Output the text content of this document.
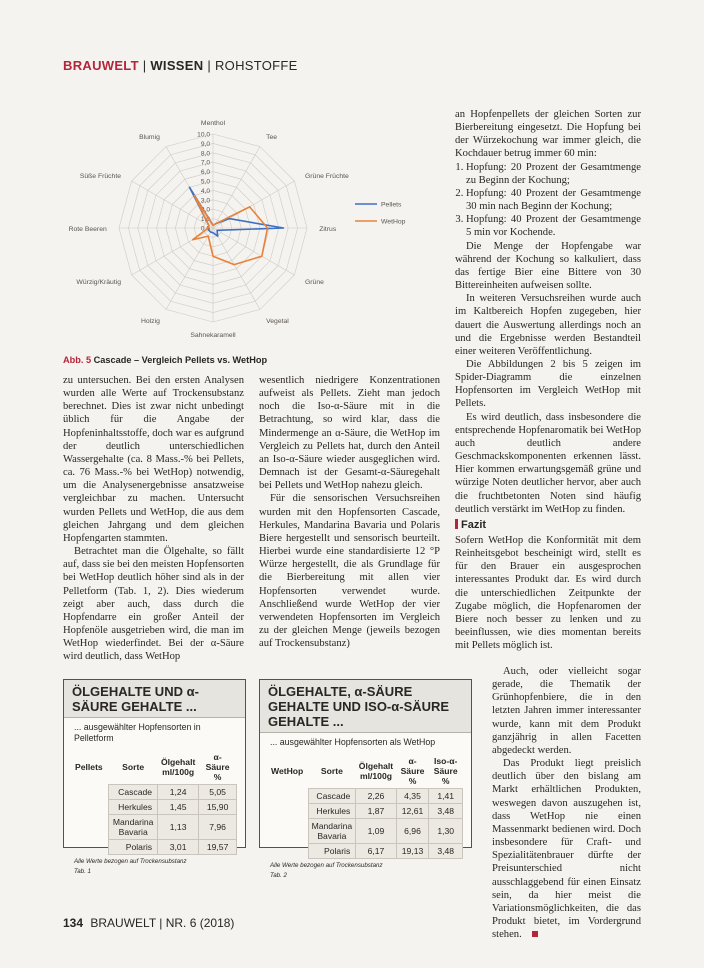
BRAUWELT | WISSEN | ROHSTOFFE
0,0
1,0
2,0
3,0
4,0
5,0
6,0
7,0
8,0
9,0
10,0
Menthol
Tee
Grüne Früchte
Zitrus
Grüne
Vegetal
Sahnekaramell
Holzig
Würzig/Kräutig
Rote Beeren
Süße Früchte
Blumig
Pellets
WetHop
Abb. 5 Cascade – Vergleich Pellets vs. WetHop

zu untersuchen. Bei den ersten Analysen wurden alle Werte auf Trockensubstanz berechnet. Dies ist zwar nicht unbedingt üblich für die Angabe der Hopfeninhaltsstoffe, doch war es aufgrund der deutlich unterschiedlichen Wassergehalte (ca. 8 Mass.-% bei Pellets, ca. 76 Mass.-% bei WetHop) notwendig, um die Analysenergebnisse ansatzweise vergleichbar zu machen. Untersucht wurden Pellets und WetHop, die aus dem gleichen Jahrgang und dem gleichen Hopfengarten stammten.

Betrachtet man die Ölgehalte, so fällt auf, dass sie bei den meisten Hopfensorten bei WetHop deutlich höher sind als in der Pelletform (Tab. 1, 2). Dies wiederum zeigt aber auch, dass durch die Hopfendarre ein großer Anteil der Hopfenöle ausgetrieben wird, die man im WetHop wiederfindet. Bei der α-Säure wird deutlich, dass WetHop

wesentlich niedrigere Konzentrationen aufweist als Pellets. Zieht man jedoch noch die Iso-α-Säure mit in die Betrachtung, so wird klar, dass die Mindermenge an α-Säure, die WetHop im Vergleich zu Pellets hat, durch den Anteil an Iso-α-Säure wieder ausgeglichen wird. Demnach ist der Gesamt-α-Säuregehalt bei Pellets und WetHop nahezu gleich.

Für die sensorischen Versuchsreihen wurden mit den Hopfensorten Cascade, Herkules, Mandarina Bavaria und Polaris Biere hergestellt und sensorisch beurteilt. Hierbei wurde eine standardisierte 12 °P Würze hergestellt, die als Grundlage für die Bierbereitung mit allen vier Hopfensorten verwendet wurde. Anschließend wurde WetHop der vier verwendeten Hopfensorten im Vergleich zu der gleichen Menge (jeweils bezogen auf Trockensubstanz)

an Hopfenpellets der gleichen Sorten zur Bierbereitung eingesetzt. Die Hopfung bei der Würzekochung war immer gleich, die Kochdauer betrug immer 60 min:

1. Hopfung: 20 Prozent der Gesamtmenge zu Beginn der Kochung;
2. Hopfung: 40 Prozent der Gesamtmenge 30 min nach Beginn der Kochung;
3. Hopfung: 40 Prozent der Gesamtmenge 5 min vor Kochende.

Die Menge der Hopfengabe war während der Kochung so kalkuliert, dass das fertige Bier eine Bittere von 30 Bittereinheiten aufweisen sollte.

In weiteren Versuchsreihen wurde auch im Kaltbereich Hopfen zugegeben, hier dauert die Auswertung allerdings noch an und die Ergebnisse werden Bestandteil einer weiteren Veröffentlichung.

Die Abbildungen 2 bis 5 zeigen im Spider-Diagramm die einzelnen Hopfensorten im Vergleich WetHop mit Pellets.

Es wird deutlich, dass insbesondere die entsprechende Hopfenaromatik bei WetHop auch deutlich andere Geschmackskomponenten erkennen lässt. Hier kommen erwartungsgemäß grüne und würzige Noten deutlicher hervor, aber auch die fruchtbetonten Noten sind häufig deutlich verstärkt im WetHop zu finden.

Fazit

Sofern WetHop die Konformität mit dem Reinheitsgebot bescheinigt wird, stellt es für den Brauer ein ausgesprochen interessantes Produkt dar. Es wird durch die unterschiedlichen Zeitpunkte der Zugabe möglich, die Hopfenaromen der Biere noch besser zu lenken und zu beeinflussen, wie dies momentan bereits mit Pellets möglich ist.

Auch, oder vielleicht sogar gerade, die Thematik der Grünhopfenbiere, die in den letzten Jahren immer interessanter wurde, kann mit dem Produkt ganzjährig in allen Facetten abgedeckt werden.

Das Produkt liegt preislich deutlich über den bislang am Markt erhältlichen Produkten, weswegen davon auszugehen ist, dass WetHop nie einen Massenmarkt bedienen wird. Doch insbesondere für Craft- und Spezialitätenbrauer dürfte der Preisunterschied nicht ausschlaggebend für einen Einsatz sein, da hier meist die Variationsmöglichkeiten, die das Produkt bietet, im Vordergrund stehen.

ÖLGEHALTE UND α-SÄURE GEHALTE ...
... ausgewählter Hopfensorten in Pelletform
Pellets	Sorte	Ölgehalt ml/100g	α-Säure %
	Cascade	1,24	5,05
	Herkules	1,45	15,90
	Mandarina Bavaria	1,13	7,96
	Polaris	3,01	19,57
Alle Werte bezogen auf Trockensubstanz
Tab. 1
ÖLGEHALTE, α-SÄURE GEHALTE UND ISO-α-SÄURE GEHALTE ...
... ausgewählter Hopfensorten als WetHop
WetHop	Sorte	Ölgehalt ml/100g	α-Säure %	Iso-α-Säure %
	Cascade	2,26	4,35	1,41
	Herkules	1,87	12,61	3,48
	Mandarina Bavaria	1,09	6,96	1,30
	Polaris	6,17	19,13	3,48
Alle Werte bezogen auf Trockensubstanz
Tab. 2
134 BRAUWELT | NR. 6 (2018)
